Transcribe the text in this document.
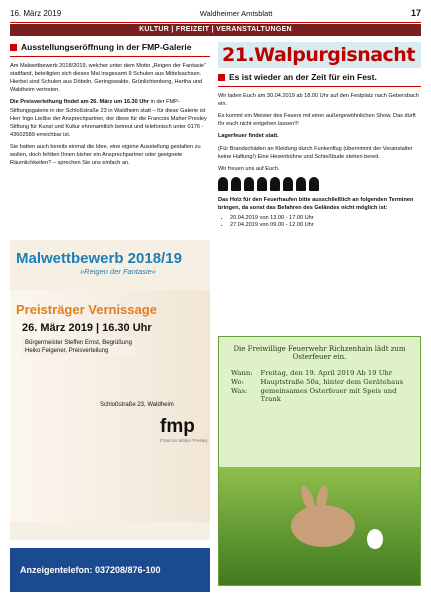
16. März 2019	Waldheimer Amtsblatt	17
KULTUR | FREIZEIT | VERANSTALTUNGEN
Ausstellungseröffnung in der FMP-Galerie

Am Malwettbewerb 2018/2019, welcher unter dem Motto „Reigen der Fantasie“ stattfand, beteiligten sich dieses Mal insgesamt 9 Schulen aus Mittelsachsen. Hierbei sind Schulen aus Döbeln, Geringswalde, Grünlichtenberg, Hartha und Waldheim vertreten.

Die Preisverleihung findet am 26. März um 16.30 Uhr in der FMP-Stiftungsgalerie in der Schloßstraße 23 in Waldheim statt – für diese Galerie ist Herr Ingo Lieške der Ansprechpartner, der diese für die Francois Maher Presley Stiftung für Kunst und Kultur ehrenamtlich betreut und telefonisch unter 0176 - 43602589 erreichbar ist.

Sie hatten auch bereits einmal die Idee, eine eigene Ausstellung gestalten zu wollen, doch fehlten Ihnen bisher ein Ansprechpartner oder geeignete Räumlichkeiten? – sprechen Sie uns einfach an.

Malwettbewerb 2018/19
»Reigen der Fantasie«
Preisträger Vernissage
26. März 2019 | 16.30 Uhr
Bürgermeister Steffen Ernst, Begrüßung
Heiko Felgener, Preisverteilung
Schloßstraße 23, Waldheim
fmp
Francois Maher Presley
Anzeigentelefon: 037208/876-100
21.Walpurgisnacht
Es ist wieder an der Zeit für ein Fest.

Wir laden Euch am 30.04.2019 ab 18.00 Uhr auf den Festplatz nach Gebersbach ein.

Es kommt ein Meister des Feuers mit einer außergewöhnlichen Show. Das dürft Ihr euch nicht entgehen lassen!!!

Lagerfeuer findet statt.

(Für Brandschäden an Kleidung durch Funkenflug (übernimmt der Veranstalter keine Haftung!) Eine Hexenbühne und Schießbude stehen bereit.

Wir freuen uns auf Euch.

Das Holz für den Feuerhaufen bitte ausschließlich an folgenden Terminen bringen, da sonst das Befahren des Geländes nicht möglich ist:
• 20.04.2019 von 13.00 - 17.00 Uhr
• 27.04.2019 von 09.00 - 12.00 Uhr
Die Freiwillige Feuerwehr Richzenhain lädt zum Osterfeuer ein.
Wann:	Freitag, den 19. April 2019 Ab 19 Uhr
Wo:	Hauptstraße 50a, hinter dem Gerätehaus
Was:	gemeinsames Osterfeuer mit Speis und Trank
